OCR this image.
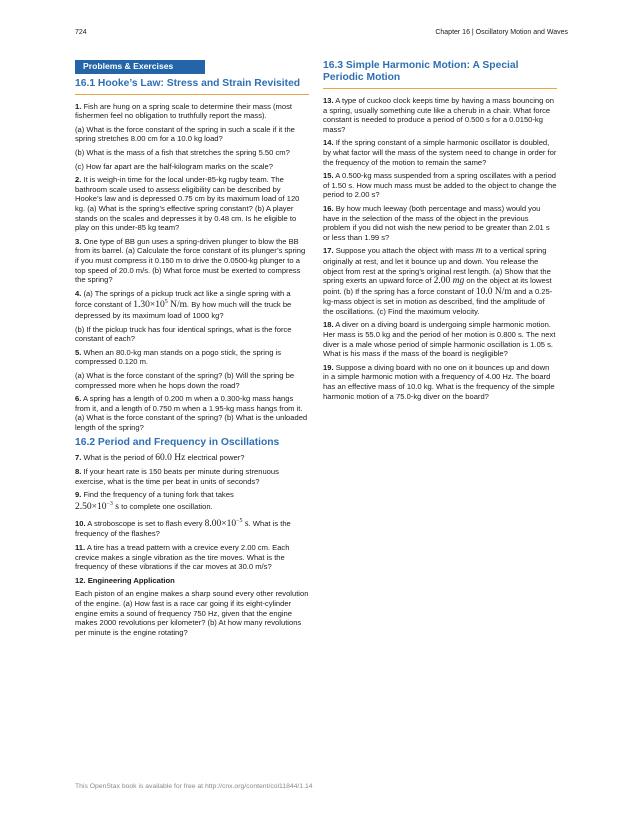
724	Chapter 16 | Oscillatory Motion and Waves
Problems & Exercises
16.1 Hooke’s Law: Stress and Strain Revisited

1. Fish are hung on a spring scale to determine their mass (most fishermen feel no obligation to truthfully report the mass).

(a) What is the force constant of the spring in such a scale if it the spring stretches 8.00 cm for a 10.0 kg load?

(b) What is the mass of a fish that stretches the spring 5.50 cm?

(c) How far apart are the half-kilogram marks on the scale?

2. It is weigh-in time for the local under-85-kg rugby team. The bathroom scale used to assess eligibility can be described by Hooke’s law and is depressed 0.75 cm by its maximum load of 120 kg. (a) What is the spring’s effective spring constant? (b) A player stands on the scales and depresses it by 0.48 cm. Is he eligible to play on this under-85 kg team?

3. One type of BB gun uses a spring-driven plunger to blow the BB from its barrel. (a) Calculate the force constant of its plunger’s spring if you must compress it 0.150 m to drive the 0.0500-kg plunger to a top speed of 20.0 m/s. (b) What force must be exerted to compress the spring?

4. (a) The springs of a pickup truck act like a single spring with a force constant of $1.30\times 10^5$ N/m. By how much will the truck be depressed by its maximum load of 1000 kg?

(b) If the pickup truck has four identical springs, what is the force constant of each?

5. When an 80.0-kg man stands on a pogo stick, the spring is compressed 0.120 m.

(a) What is the force constant of the spring? (b) Will the spring be compressed more when he hops down the road?

6. A spring has a length of 0.200 m when a 0.300-kg mass hangs from it, and a length of 0.750 m when a 1.95-kg mass hangs from it. (a) What is the force constant of the spring? (b) What is the unloaded length of the spring?

16.2 Period and Frequency in Oscillations

7. What is the period of 60.0 Hz electrical power?

8. If your heart rate is 150 beats per minute during strenuous exercise, what is the time per beat in units of seconds?

9. Find the frequency of a tuning fork that takes
$2.50\times 10^{-3}$ s to complete one oscillation.

10. A stroboscope is set to flash every $8.00\times 10^{-5}$ s. What is the frequency of the flashes?

11. A tire has a tread pattern with a crevice every 2.00 cm. Each crevice makes a single vibration as the tire moves. What is the frequency of these vibrations if the car moves at 30.0 m/s?

12. Engineering Application

Each piston of an engine makes a sharp sound every other revolution of the engine. (a) How fast is a race car going if its eight-cylinder engine emits a sound of frequency 750 Hz, given that the engine makes 2000 revolutions per kilometer? (b) At how many revolutions per minute is the engine rotating?

16.3 Simple Harmonic Motion: A Special Periodic Motion

13. A type of cuckoo clock keeps time by having a mass bouncing on a spring, usually something cute like a cherub in a chair. What force constant is needed to produce a period of 0.500 s for a 0.0150-kg mass?

14. If the spring constant of a simple harmonic oscillator is doubled, by what factor will the mass of the system need to change in order for the frequency of the motion to remain the same?

15. A 0.500-kg mass suspended from a spring oscillates with a period of 1.50 s. How much mass must be added to the object to change the period to 2.00 s?

16. By how much leeway (both percentage and mass) would you have in the selection of the mass of the object in the previous problem if you did not wish the new period to be greater than 2.01 s or less than 1.99 s?

17. Suppose you attach the object with mass m to a vertical spring originally at rest, and let it bounce up and down. You release the object from rest at the spring’s original rest length. (a) Show that the spring exerts an upward force of 2.00 mg on the object at its lowest point. (b) If the spring has a force constant of 10.0 N/m and a 0.25-kg-mass object is set in motion as described, find the amplitude of the oscillations. (c) Find the maximum velocity.

18. A diver on a diving board is undergoing simple harmonic motion. Her mass is 55.0 kg and the period of her motion is 0.800 s. The next diver is a male whose period of simple harmonic oscillation is 1.05 s. What is his mass if the mass of the board is negligible?

19. Suppose a diving board with no one on it bounces up and down in a simple harmonic motion with a frequency of 4.00 Hz. The board has an effective mass of 10.0 kg. What is the frequency of the simple harmonic motion of a 75.0-kg diver on the board?

This OpenStax book is available for free at http://cnx.org/content/col11844/1.14
